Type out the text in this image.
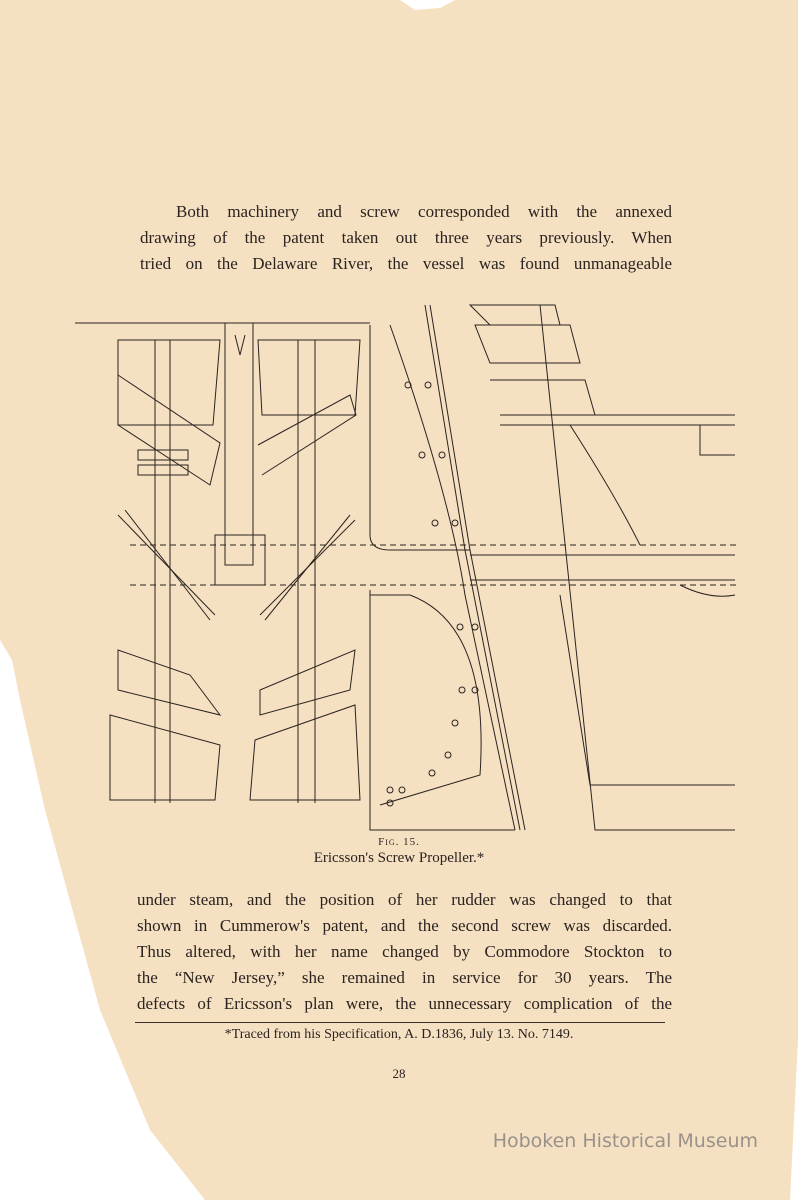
Both machinery and screw corresponded with the annexed
drawing of the patent taken out three years previously. When
tried on the Delaware River, the vessel was found unmanageable
Fig. 15.
Ericsson's Screw Propeller.*
under steam, and the position of her rudder was changed to that
shown in Cummerow's patent, and the second screw was discarded.
Thus altered, with her name changed by Commodore Stockton to
the “New Jersey,” she remained in service for 30 years. The
defects of Ericsson's plan were, the unnecessary complication of the
*Traced from his Specification, A. D.1836, July 13. No. 7149.
28
Hoboken Historical Museum
